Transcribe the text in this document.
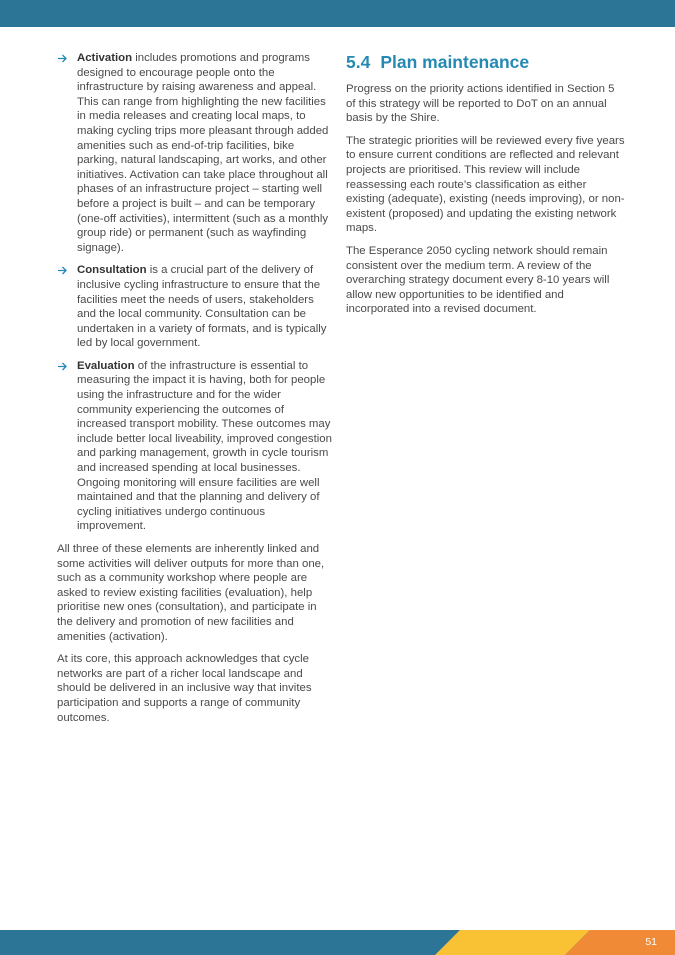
Activation includes promotions and programs designed to encourage people onto the infrastructure by raising awareness and appeal. This can range from highlighting the new facilities in media releases and creating local maps, to making cycling trips more pleasant through added amenities such as end-of-trip facilities, bike parking, natural landscaping, art works, and other initiatives. Activation can take place throughout all phases of an infrastructure project – starting well before a project is built – and can be temporary (one-off activities), intermittent (such as a monthly group ride) or permanent (such as wayfinding signage).
Consultation is a crucial part of the delivery of inclusive cycling infrastructure to ensure that the facilities meet the needs of users, stakeholders and the local community. Consultation can be undertaken in a variety of formats, and is typically led by local government.
Evaluation of the infrastructure is essential to measuring the impact it is having, both for people using the infrastructure and for the wider community experiencing the outcomes of increased transport mobility. These outcomes may include better local liveability, improved congestion and parking management, growth in cycle tourism and increased spending at local businesses. Ongoing monitoring will ensure facilities are well maintained and that the planning and delivery of cycling initiatives undergo continuous improvement.

All three of these elements are inherently linked and some activities will deliver outputs for more than one, such as a community workshop where people are asked to review existing facilities (evaluation), help prioritise new ones (consultation), and participate in the delivery and promotion of new facilities and amenities (activation).

At its core, this approach acknowledges that cycle networks are part of a richer local landscape and should be delivered in an inclusive way that invites participation and supports a range of community outcomes.

5.4 Plan maintenance

Progress on the priority actions identified in Section 5 of this strategy will be reported to DoT on an annual basis by the Shire.

The strategic priorities will be reviewed every five years to ensure current conditions are reflected and relevant projects are prioritised. This review will include reassessing each route’s classification as either existing (adequate), existing (needs improving), or non-existent (proposed) and updating the existing network maps.

The Esperance 2050 cycling network should remain consistent over the medium term. A review of the overarching strategy document every 8-10 years will allow new opportunities to be identified and incorporated into a revised document.

51
